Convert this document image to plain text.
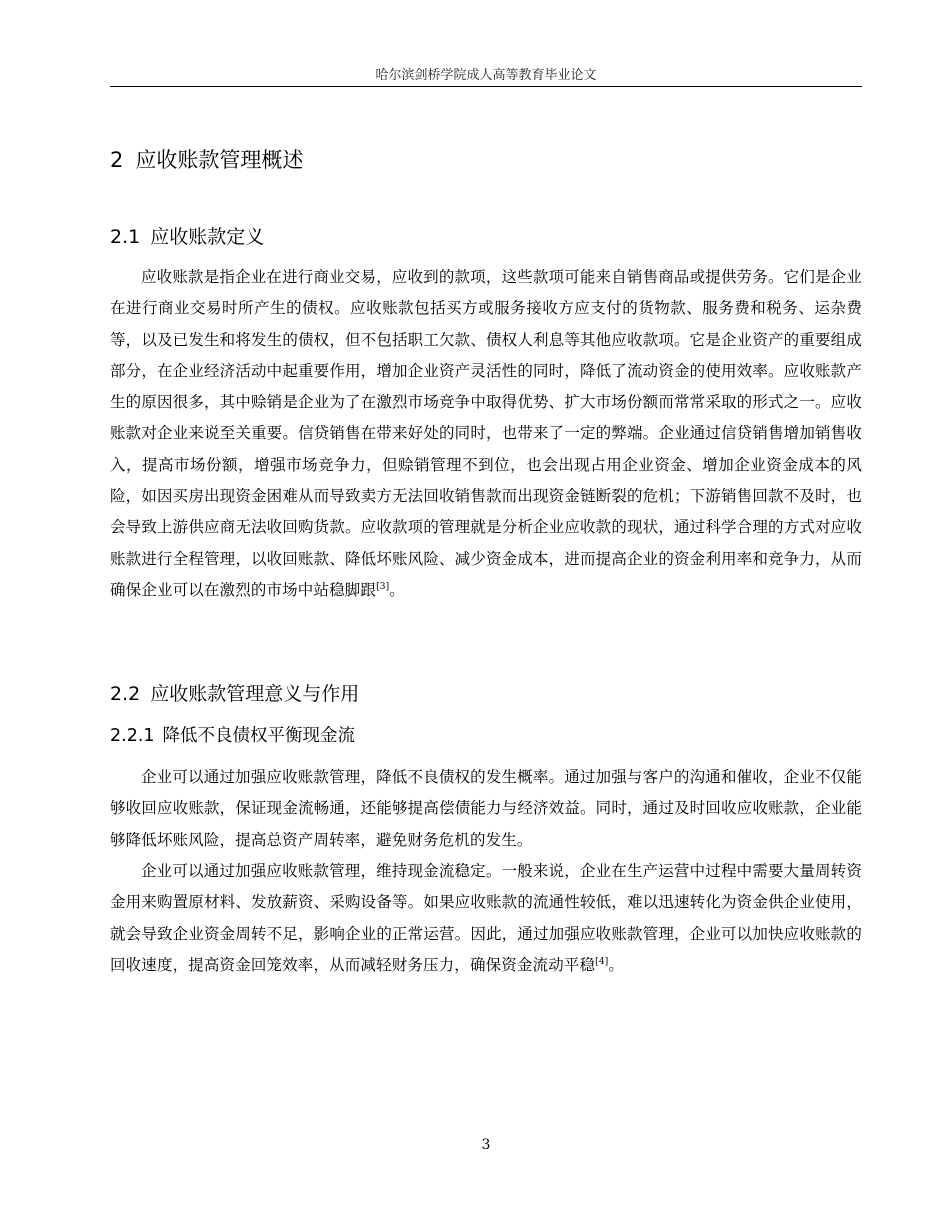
哈尔滨剑桥学院成人高等教育毕业论文
2 应收账款管理概述
2.1 应收账款定义

应收账款是指企业在进行商业交易，应收到的款项，这些款项可能来自销售商品或提供劳务。它们是企业在进行商业交易时所产生的债权。应收账款包括买方或服务接收方应支付的货物款、服务费和税务、运杂费等，以及已发生和将发生的债权，但不包括职工欠款、债权人利息等其他应收款项。它是企业资产的重要组成部分，在企业经济活动中起重要作用，增加企业资产灵活性的同时，降低了流动资金的使用效率。应收账款产生的原因很多，其中赊销是企业为了在激烈市场竞争中取得优势、扩大市场份额而常常采取的形式之一。应收账款对企业来说至关重要。信贷销售在带来好处的同时，也带来了一定的弊端。企业通过信贷销售增加销售收入，提高市场份额，增强市场竞争力，但赊销管理不到位，也会出现占用企业资金、增加企业资金成本的风险，如因买房出现资金困难从而导致卖方无法回收销售款而出现资金链断裂的危机；下游销售回款不及时，也会导致上游供应商无法收回购货款。应收款项的管理就是分析企业应收款的现状，通过科学合理的方式对应收账款进行全程管理，以收回账款、降低坏账风险、减少资金成本，进而提高企业的资金利用率和竞争力，从而确保企业可以在激烈的市场中站稳脚跟[3]。

2.2 应收账款管理意义与作用
2.2.1 降低不良债权平衡现金流

企业可以通过加强应收账款管理，降低不良债权的发生概率。通过加强与客户的沟通和催收，企业不仅能够收回应收账款，保证现金流畅通，还能够提高偿债能力与经济效益。同时，通过及时回收应收账款，企业能够降低坏账风险，提高总资产周转率，避免财务危机的发生。

企业可以通过加强应收账款管理，维持现金流稳定。一般来说，企业在生产运营中过程中需要大量周转资金用来购置原材料、发放薪资、采购设备等。如果应收账款的流通性较低，难以迅速转化为资金供企业使用，就会导致企业资金周转不足，影响企业的正常运营。因此，通过加强应收账款管理，企业可以加快应收账款的回收速度，提高资金回笼效率，从而减轻财务压力，确保资金流动平稳[4]。

3
